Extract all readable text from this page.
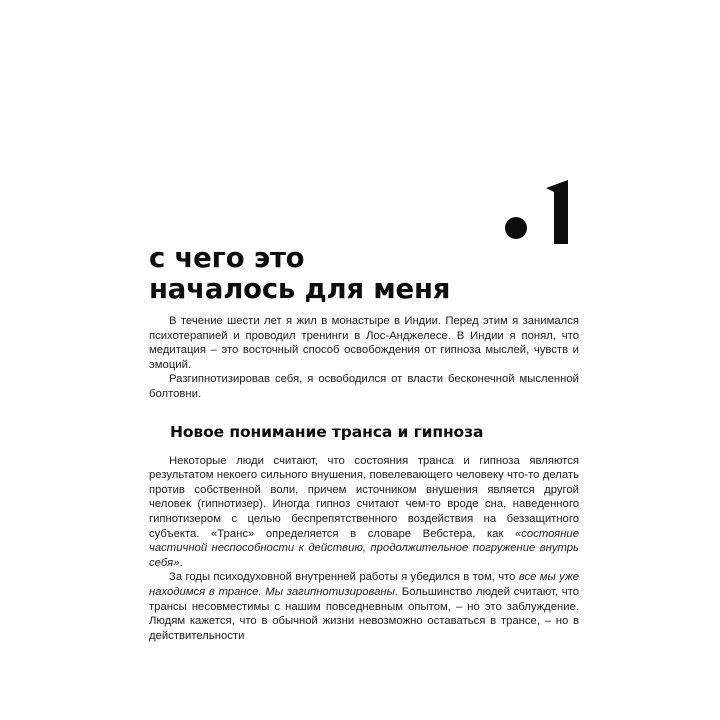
с чего это
началось для меня

В течение шести лет я жил в монастыре в Индии. Перед этим я занимался психотерапией и проводил тренинги в Лос-Анджелесе. В Индии я понял, что медитация – это восточный способ освобождения от гипноза мыслей, чувств и эмоций.

Разгипнотизировав себя, я освободился от власти бесконечной мысленной болтовни.

Новое понимание транса и гипноза

Некоторые люди считают, что состояния транса и гипноза являются результатом некоего сильного внушения, повелевающего человеку что-то делать против собственной воли, причем источником внушения является другой человек (гипнотизер). Иногда гипноз считают чем-то вроде сна, наведенного гипнотизером с целью беспрепятственного воздействия на беззащитного субъекта. «Транс» определяется в словаре Вебстера, как «состояние частичной неспособности к действию, продолжительное погружение внутрь себя».

За годы психодуховной внутренней работы я убедился в том, что все мы уже находимся в трансе. Мы загипнотизированы. Большинство людей считают, что трансы несовместимы с нашим повседневным опытом, – но это заблуждение. Людям кажется, что в обычной жизни невозможно оставаться в трансе, – но в действительности
